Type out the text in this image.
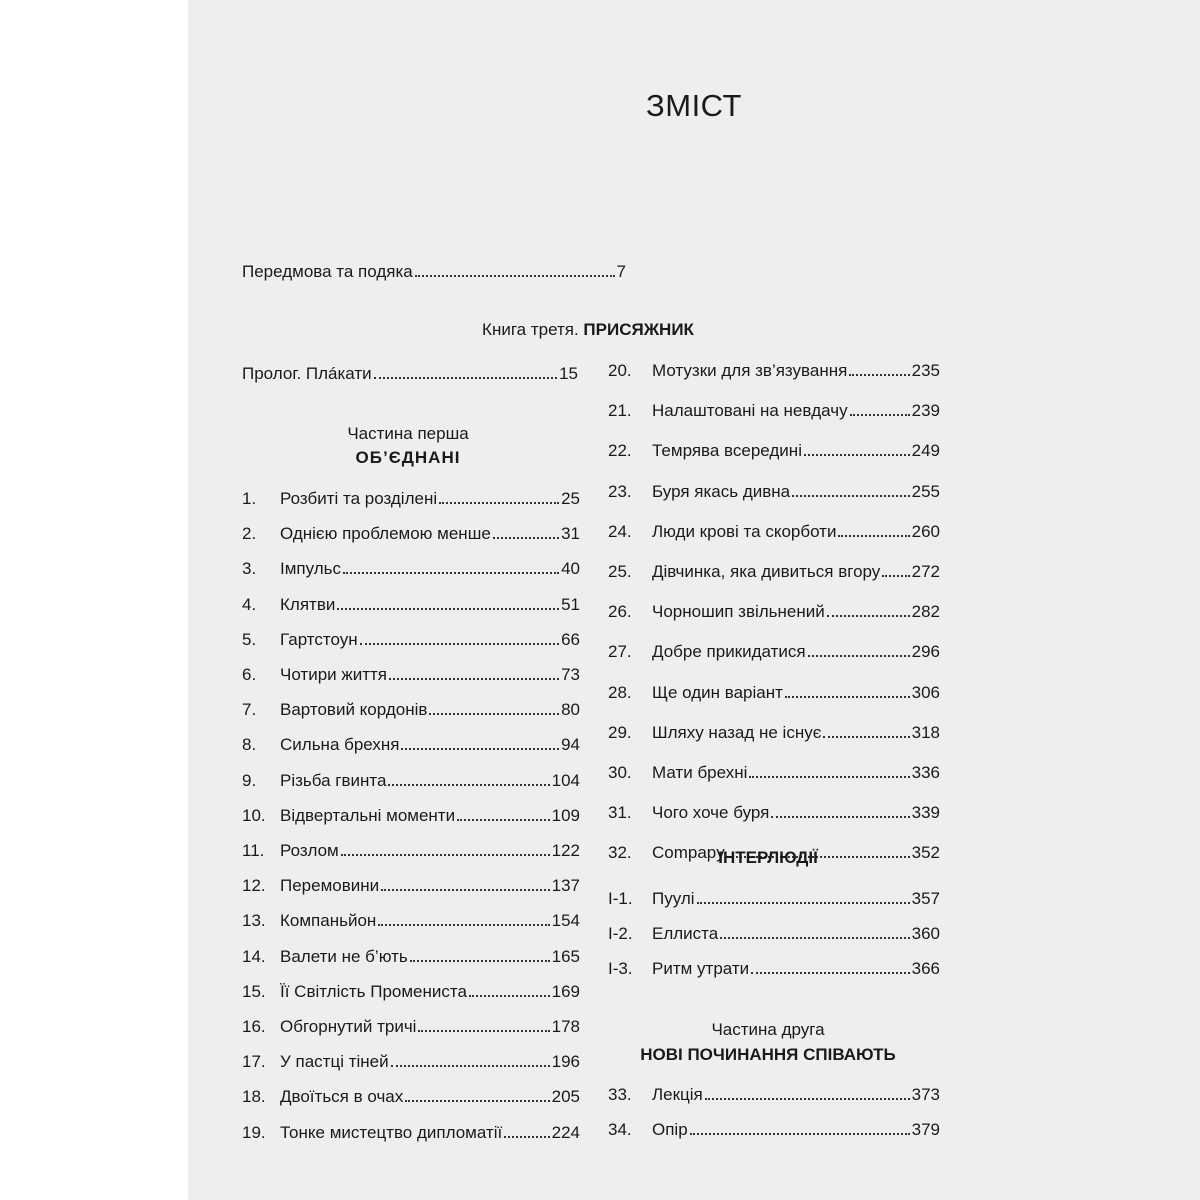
ЗМІСТ
Передмова та подяка	7
Книга третя. ПРИСЯЖНИК
Пролог. Плáкати	15
Частина перша
ОБ’ЄДНАНІ
1.	Розбиті та розділені	25
2.	Однією проблемою менше	31
3.	Імпульс	40
4.	Клятви	51
5.	Гартстоун	66
6.	Чотири життя	73
7.	Вартовий кордонів	80
8.	Сильна брехня	94
9.	Різьба гвинта	104
10. Відвертальні моменти	109
11. Розлом	122
12. Перемовини	137
13. Компаньйон	154
14. Валети не б’ють	165
15. Її Світлість Промениста	169
16. Обгорнутий тричі	178
17. У пастці тіней	196
18. Двоїться в очах	205
19. Тонке мистецтво дипломатії	224
20.	Мотузки для зв’язування	235
21.	Налаштовані на невдачу	239
22.	Темрява всередині	249
23.	Буря якась дивна	255
24.	Люди крові та скорботи	260
25.	Дівчинка, яка дивиться вгору 272
26.	Чорношип звільнений	282
27.	Добре прикидатися	296
28.	Ще один варіант	306
29.	Шляху назад не існує	318
30.	Мати брехні	336
31.	Чого хоче буря	339
32.	Compapy	352
ІНТЕРЛЮДІЇ
I-1.	Пуулі	357
I-2.	Еллиста	360
I-3.	Ритм утрати	366
Частина друга
НОВІ ПОЧИНАННЯ СПІВАЮТЬ
33.	Лекція	373
34.	Опір	379
